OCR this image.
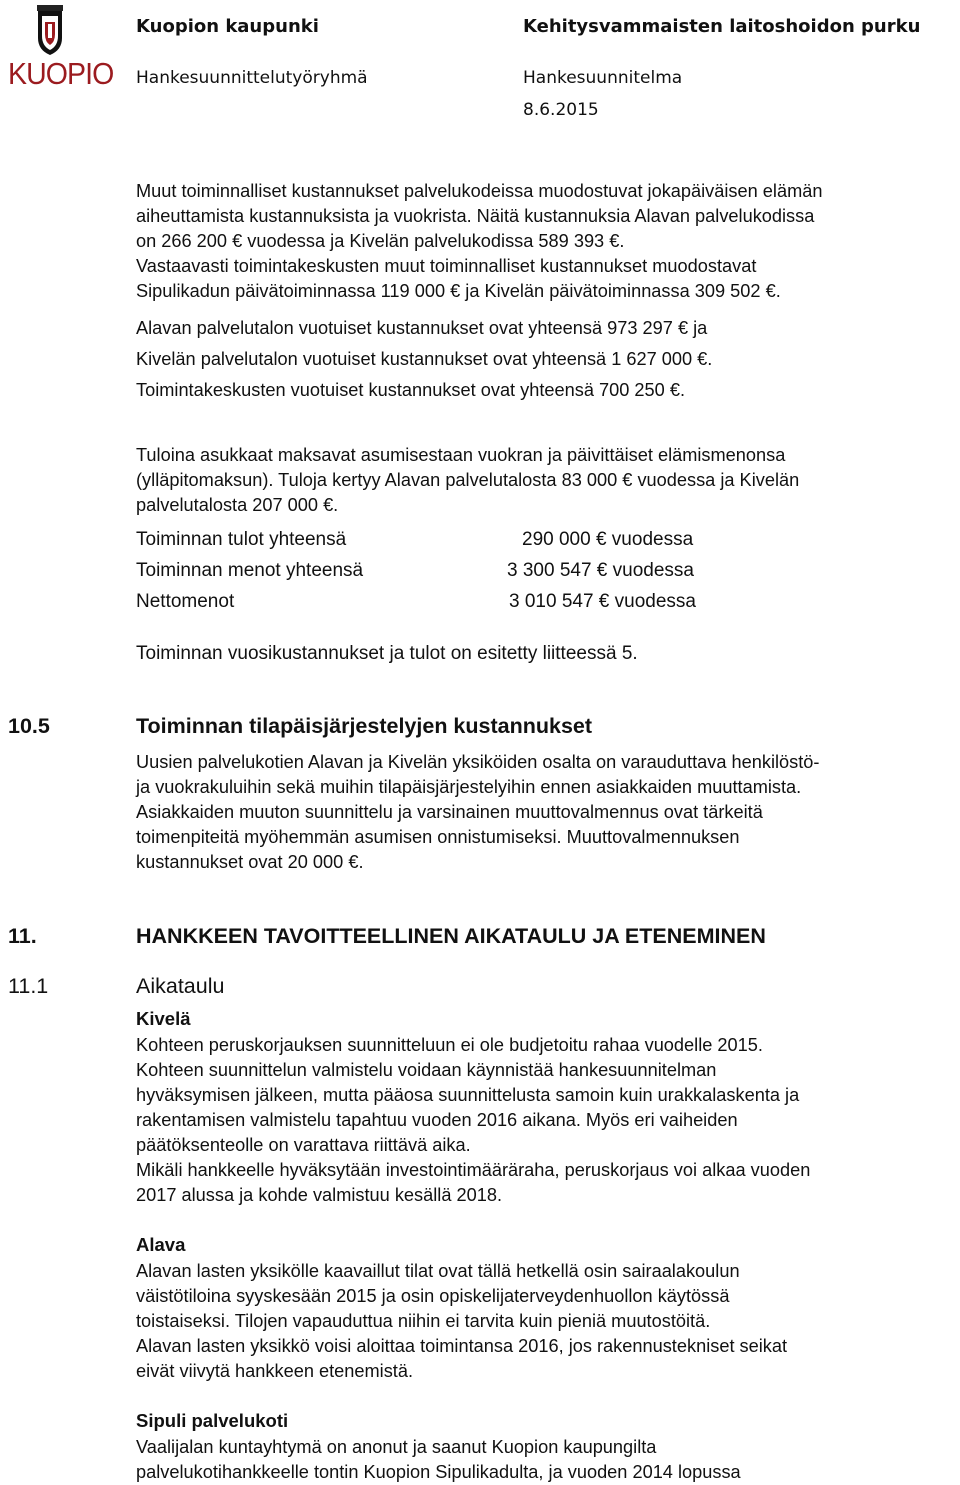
KUOPIO
Kuopion kaupunki
Hankesuunnittelutyöryhmä
Kehitysvammaisten laitoshoidon purku
Hankesuunnitelma
8.6.2015
Muut toiminnalliset kustannukset palvelukodeissa muodostuvat jokapäiväisen elämän
aiheuttamista kustannuksista ja vuokrista. Näitä kustannuksia Alavan palvelukodissa
on 266 200 € vuodessa ja Kivelän palvelukodissa 589 393 €.
Vastaavasti toimintakeskusten muut toiminnalliset kustannukset muodostavat
Sipulikadun päivätoiminnassa 119 000 € ja Kivelän päivätoiminnassa 309 502 €.
Alavan palvelutalon vuotuiset kustannukset ovat yhteensä 973 297 € ja
Kivelän palvelutalon vuotuiset kustannukset ovat yhteensä 1 627 000 €.
Toimintakeskusten vuotuiset kustannukset ovat yhteensä 700 250 €.
Tuloina asukkaat maksavat asumisestaan vuokran ja päivittäiset elämismenonsa
(ylläpitomaksun). Tuloja kertyy Alavan palvelutalosta 83 000 € vuodessa ja Kivelän
palvelutalosta 207 000 €.
Toiminnan tulot yhteensä	290 000 € vuodessa
Toiminnan menot yhteensä	3 300 547 € vuodessa
Nettomenot	3 010 547 € vuodessa
Toiminnan vuosikustannukset ja tulot on esitetty liitteessä 5.
10.5	Toiminnan tilapäisjärjestelyjen kustannukset
Uusien palvelukotien Alavan ja Kivelän yksiköiden osalta on varauduttava henkilöstö-
ja vuokrakuluihin sekä muihin tilapäisjärjestelyihin ennen asiakkaiden muuttamista.
Asiakkaiden muuton suunnittelu ja varsinainen muuttovalmennus ovat tärkeitä
toimenpiteitä myöhemmän asumisen onnistumiseksi. Muuttovalmennuksen
kustannukset ovat 20 000 €.
11.	HANKKEEN TAVOITTEELLINEN AIKATAULU JA ETENEMINEN
11.1	Aikataulu
Kivelä
Kohteen peruskorjauksen suunnitteluun ei ole budjetoitu rahaa vuodelle 2015.
Kohteen suunnittelun valmistelu voidaan käynnistää hankesuunnitelman
hyväksymisen jälkeen, mutta pääosa suunnittelusta samoin kuin urakkalaskenta ja
rakentamisen valmistelu tapahtuu vuoden 2016 aikana. Myös eri vaiheiden
päätöksenteolle on varattava riittävä aika.
Mikäli hankkeelle hyväksytään investointimääräraha, peruskorjaus voi alkaa vuoden
2017 alussa ja kohde valmistuu kesällä 2018.
Alava
Alavan lasten yksikölle kaavaillut tilat ovat tällä hetkellä osin sairaalakoulun
väistötiloina syyskesään 2015 ja osin opiskelijaterveydenhuollon käytössä
toistaiseksi. Tilojen vapauduttua niihin ei tarvita kuin pieniä muutostöitä.
Alavan lasten yksikkö voisi aloittaa toimintansa 2016, jos rakennustekniset seikat
eivät viivytä hankkeen etenemistä.
Sipuli palvelukoti
Vaalijalan kuntayhtymä on anonut ja saanut Kuopion kaupungilta
palvelukotihankkeelle tontin Kuopion Sipulikadulta, ja vuoden 2014 lopussa
